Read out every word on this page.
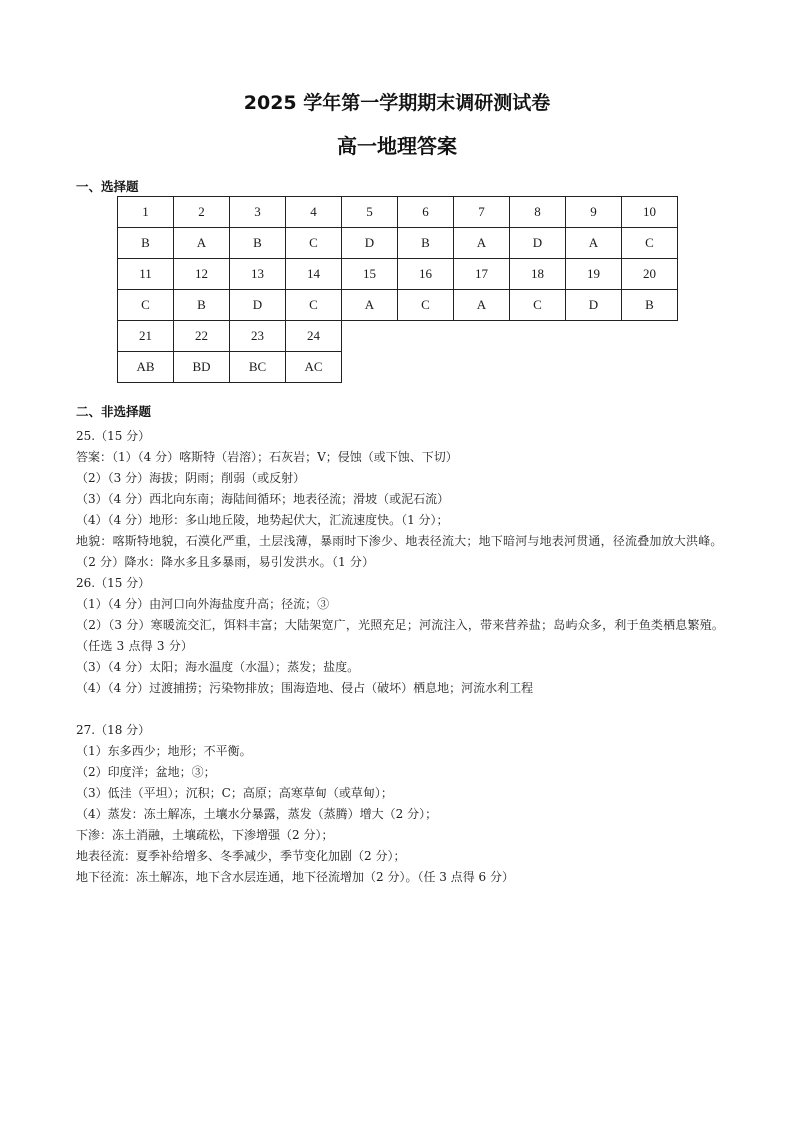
2025 学年第一学期期末调研测试卷
高一地理答案
一、选择题
1	2	3	4	5	6	7	8	9	10
B	A	B	C	D	B	A	D	A	C
11	12	13	14	15	16	17	18	19	20
C	B	D	C	A	C	A	C	D	B
21	22	23	24						
AB	BD	BC	AC						
二、非选择题
25.（15 分）
答案：（1）（4 分）喀斯特（岩溶）；石灰岩；V；侵蚀（或下蚀、下切）
（2）（3 分）海拔；阴雨；削弱（或反射）
（3）（4 分）西北向东南；海陆间循环；地表径流；滑坡（或泥石流）
（4）（4 分）地形：多山地丘陵，地势起伏大，汇流速度快。（1 分）；
地貌：喀斯特地貌，石漠化严重，土层浅薄，暴雨时下渗少、地表径流大；地下暗河与地表河贯通，径流叠加放大洪峰。（2 分）降水：降水多且多暴雨，易引发洪水。（1 分）
26.（15 分）
（1）（4 分）由河口向外海盐度升高；径流；③
（2）（3 分）寒暖流交汇，饵料丰富；大陆架宽广，光照充足；河流注入，带来营养盐；岛屿众多，利于鱼类栖息繁殖。（任选 3 点得 3 分）
（3）（4 分）太阳；海水温度（水温）；蒸发；盐度。
（4）（4 分）过渡捕捞；污染物排放；围海造地、侵占（破坏）栖息地；河流水利工程
27.（18 分）
（1）东多西少；地形；不平衡。
（2）印度洋；盆地；③；
（3）低洼（平坦）；沉积；C；高原；高寒草甸（或草甸）；
（4）蒸发：冻土解冻，土壤水分暴露，蒸发（蒸腾）增大（2 分）；
下渗：冻土消融，土壤疏松，下渗增强（2 分）；
地表径流：夏季补给增多、冬季减少，季节变化加剧（2 分）；
地下径流：冻土解冻，地下含水层连通，地下径流增加（2 分）。（任 3 点得 6 分）
